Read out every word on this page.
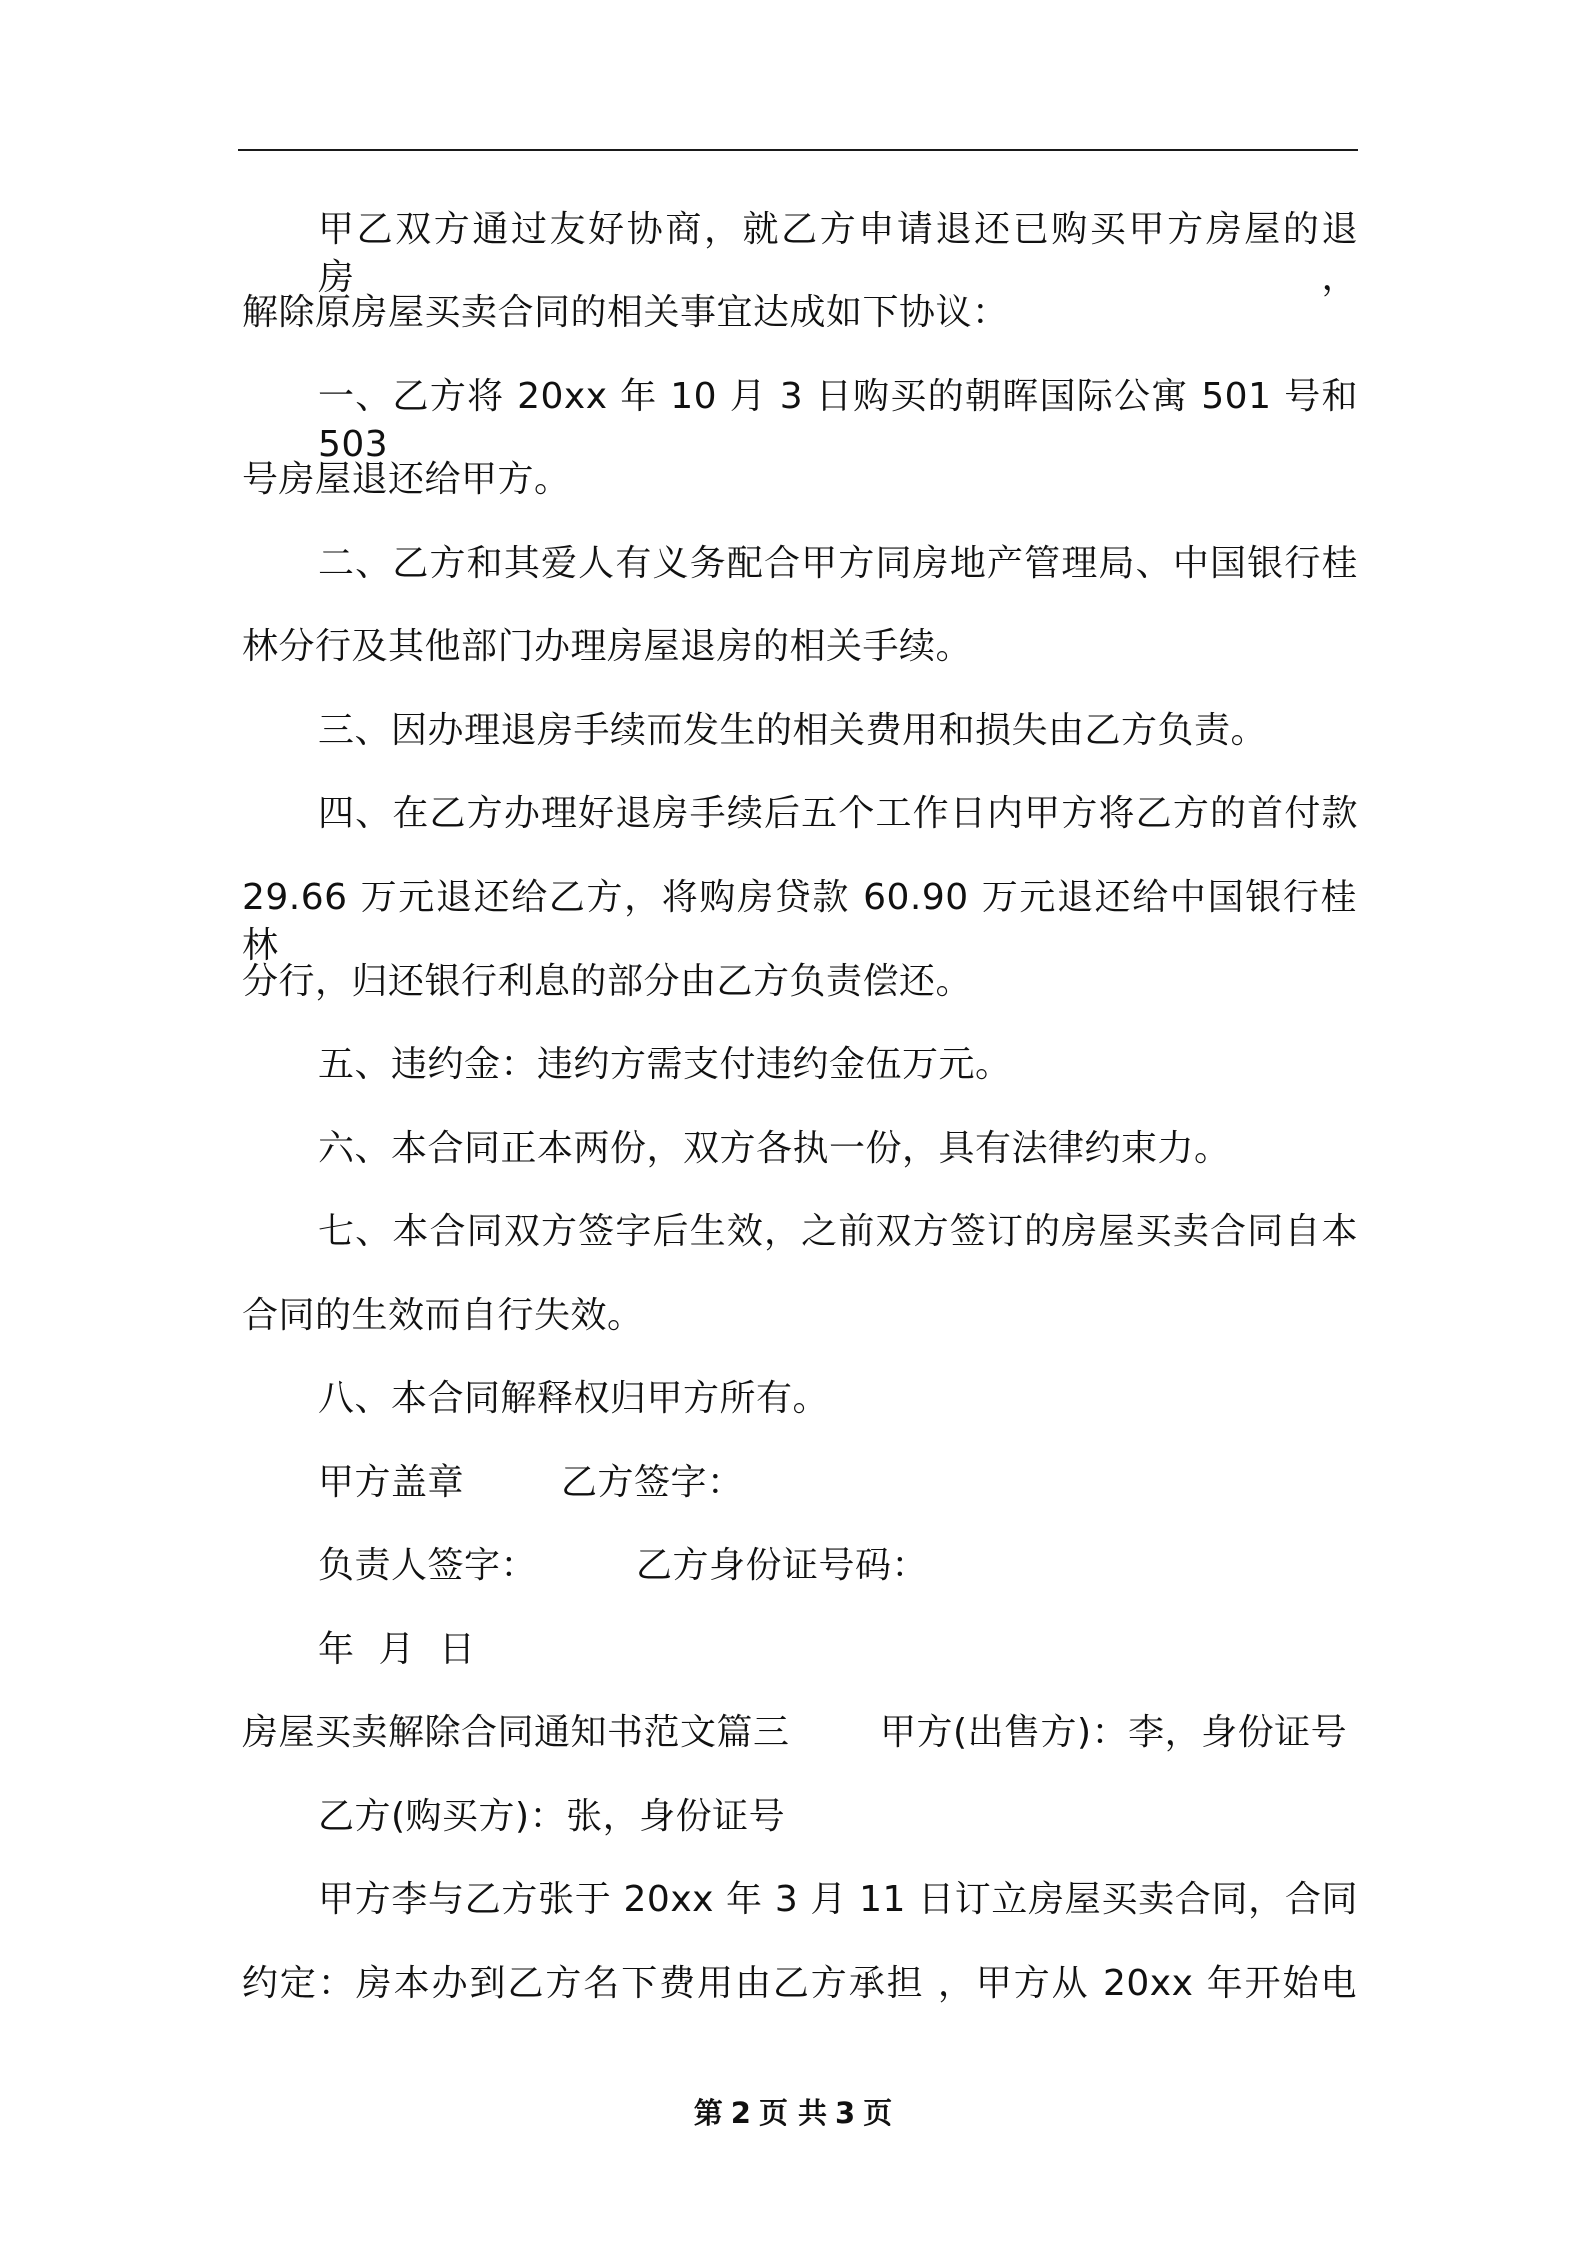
甲乙双方通过友好协商，就乙方申请退还已购买甲方房屋的退房，
解除原房屋买卖合同的相关事宜达成如下协议：
一、乙方将 20xx 年 10 月 3 日购买的朝晖国际公寓 501 号和 503
号房屋退还给甲方。
二、乙方和其爱人有义务配合甲方同房地产管理局、中国银行桂
林分行及其他部门办理房屋退房的相关手续。
三、因办理退房手续而发生的相关费用和损失由乙方负责。
四、在乙方办理好退房手续后五个工作日内甲方将乙方的首付款
29.66 万元退还给乙方，将购房贷款 60.90 万元退还给中国银行桂林
分行，归还银行利息的部分由乙方负责偿还。
五、违约金：违约方需支付违约金伍万元。
六、本合同正本两份，双方各执一份，具有法律约束力。
七、本合同双方签字后生效，之前双方签订的房屋买卖合同自本
合同的生效而自行失效。
八、本合同解释权归甲方所有。
甲方盖章	乙方签字：
负责人签字：	乙方身份证号码：
年 月 日
房屋买卖解除合同通知书范文篇三	甲方(出售方)：李，身份证号
乙方(购买方)：张，身份证号
甲方李与乙方张于 20xx 年 3 月 11 日订立房屋买卖合同，合同
约定：房本办到乙方名下费用由乙方承担 ，甲方从 20xx 年开始电
第 2 页 共 3 页
